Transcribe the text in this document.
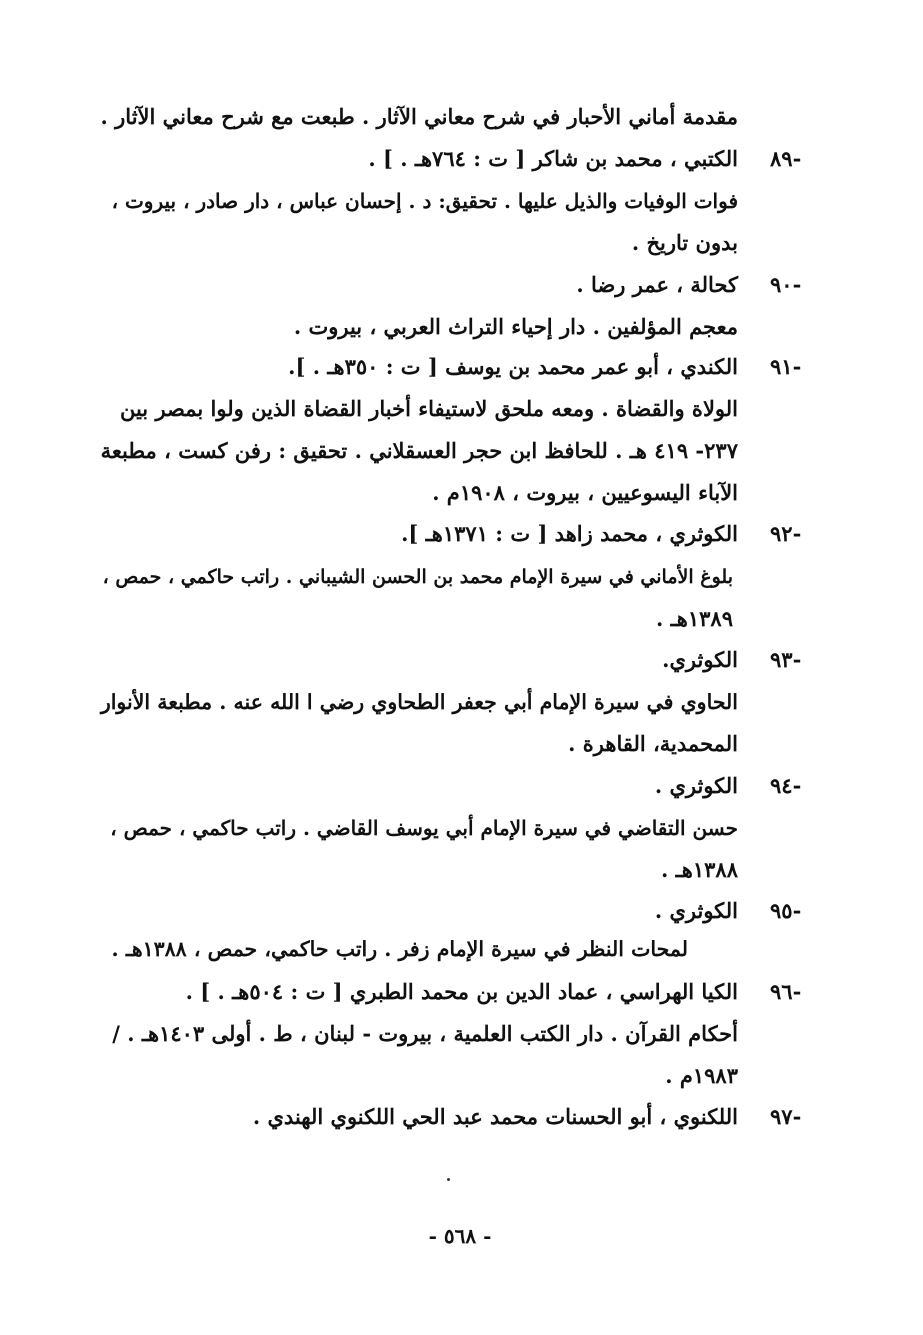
مقدمة أماني الأحبار في شرح معاني الآثار . طبعت مع شرح معاني الآثار .
٨٩-
الكتبي ، محمد بن شاكر [ ت : ٧٦٤هـ . ] .
فوات الوفيات والذيل عليها . تحقيق: د . إحسان عباس ، دار صادر ، بيروت ،
بدون تاريخ .
٩٠-
كحالة ، عمر رضا .
معجم المؤلفين . دار إحياء التراث العربي ، بيروت .
٩١-
الكندي ، أبو عمر محمد بن يوسف [ ت : ٣٥٠هـ . ].
الولاة والقضاة . ومعه ملحق لاستيفاء أخبار القضاة الذين ولوا بمصر بين
٢٣٧- ٤١٩ هـ . للحافظ ابن حجر العسقلاني . تحقيق : رفن كست ، مطبعة
الآباء اليسوعيين ، بيروت ، ١٩٠٨م .
٩٢-
الكوثري ، محمد زاهد [ ت : ١٣٧١هـ ].
بلوغ الأماني في سيرة الإمام محمد بن الحسن الشيباني . راتب حاكمي ، حمص ،
١٣٨٩هـ .
٩٣-
الكوثري.
الحاوي في سيرة الإمام أبي جعفر الطحاوي رضي ا الله عنه . مطبعة الأنوار
المحمدية، القاهرة .
٩٤-
الكوثري .
حسن التقاضي في سيرة الإمام أبي يوسف القاضي . راتب حاكمي ، حمص ،
١٣٨٨هـ .
٩٥-
الكوثري .
لمحات النظر في سيرة الإمام زفر . راتب حاكمي، حمص ، ١٣٨٨هـ .
٩٦-
الكيا الهراسي ، عماد الدين بن محمد الطبري [ ت : ٥٠٤هـ . ] .
أحكام القرآن . دار الكتب العلمية ، بيروت - لبنان ، ط . أولى ١٤٠٣هـ . /
١٩٨٣م .
٩٧-
اللكنوي ، أبو الحسنات محمد عبد الحي اللكنوي الهندي .
- ٥٦٨ -
